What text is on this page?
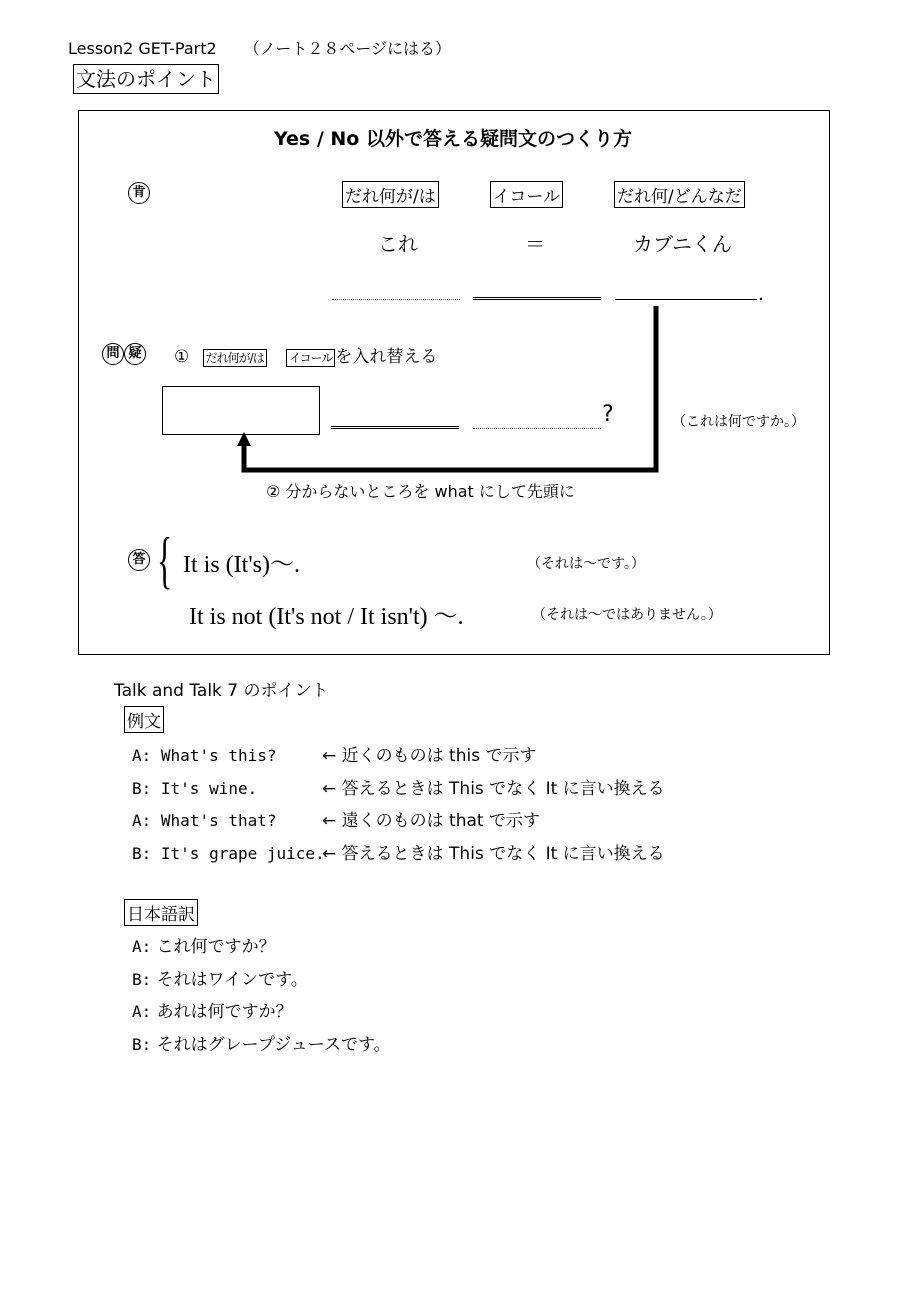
Lesson2 GET-Part2 （ノート２８ページにはる）
文法のポイント
Yes / No 以外で答える疑問文のつくり方
肯	だれ何が/は	イコール	だれ何/どんなだ
これ	＝	カブニくん
.
問 疑 ① だれ何が/は イコール を入れ替える
?	（これは何ですか。）
② 分からないところを what にして先頭に
答 { It is (It's)～.	（それは～です。）
It is not (It's not / It isn't) ～.	（それは～ではありません。）
Talk and Talk 7 のポイント
例文
A: What's this?	← 近くのものは this で示す
B: It's wine.	← 答えるときは This でなく It に言い換える
A: What's that?	← 遠くのものは that で示す
B: It's grape juice.← 答えるときは This でなく It に言い換える
日本語訳
A: これ何ですか？
B: それはワインです。
A: あれは何ですか？
B: それはグレープジュースです。
